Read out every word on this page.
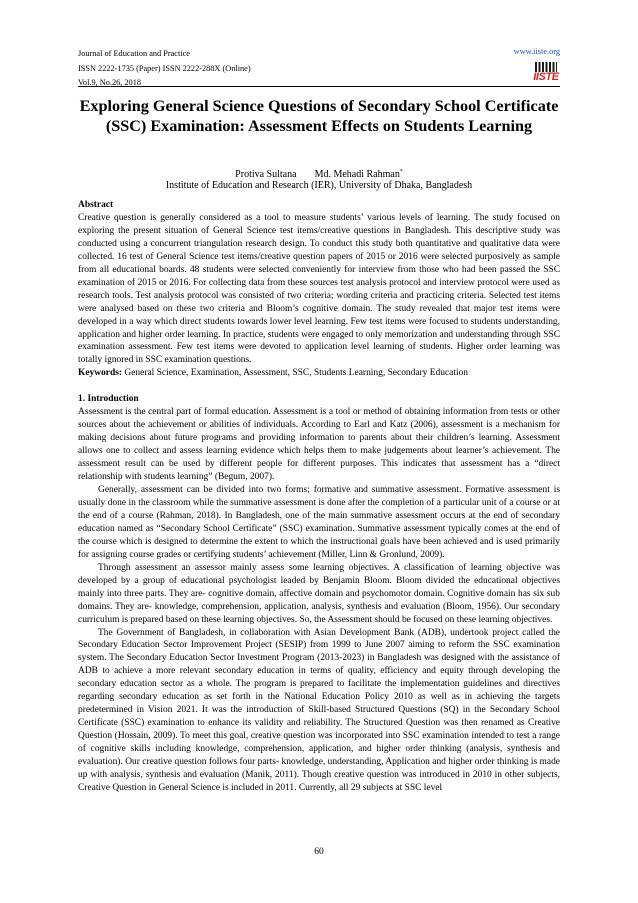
Journal of Education and Practice
ISSN 2222-1735 (Paper) ISSN 2222-288X (Online)
Vol.9, No.26, 2018
www.iiste.org
IISTE
Exploring General Science Questions of Secondary School Certificate (SSC) Examination: Assessment Effects on Students Learning
Protiva Sultana Md. Mehadi Rahman*
Institute of Education and Research (IER), University of Dhaka, Bangladesh

Abstract

Creative question is generally considered as a tool to measure students’ various levels of learning. The study focused on exploring the present situation of General Science test items/creative questions in Bangladesh. This descriptive study was conducted using a concurrent triangulation research design. To conduct this study both quantitative and qualitative data were collected. 16 test of General Science test items/creative question papers of 2015 or 2016 were selected purposively as sample from all educational boards. 48 students were selected conveniently for interview from those who had been passed the SSC examination of 2015 or 2016. For collecting data from these sources test analysis protocol and interview protocol were used as research tools. Test analysis protocol was consisted of two criteria; wording criteria and practicing criteria. Selected test items were analysed based on these two criteria and Bloom’s cognitive domain. The study revealed that major test items were developed in a way which direct students towards lower level learning. Few test items were focused to students understanding, application and higher order learning. In practice, students were engaged to only memorization and understanding through SSC examination assessment. Few test items were devoted to application level learning of students. Higher order learning was totally ignored in SSC examination questions.

Keywords: General Science, Examination, Assessment, SSC, Students Learning, Secondary Education

1. Introduction

Assessment is the central part of formal education. Assessment is a tool or method of obtaining information from tests or other sources about the achievement or abilities of individuals. According to Earl and Katz (2006), assessment is a mechanism for making decisions about future programs and providing information to parents about their children’s learning. Assessment allows one to collect and assess learning evidence which helps them to make judgements about learner’s achievement. The assessment result can be used by different people for different purposes. This indicates that assessment has a “direct relationship with students learning” (Begum, 2007).

Generally, assessment can be divided into two forms; formative and summative assessment. Formative assessment is usually done in the classroom while the summative assessment is done after the completion of a particular unit of a course or at the end of a course (Rahman, 2018). In Bangladesh, one of the main summative assessment occurs at the end of secondary education named as “Secondary School Certificate” (SSC) examination. Summative assessment typically comes at the end of the course which is designed to determine the extent to which the instructional goals have been achieved and is used primarily for assigning course grades or certifying students’ achievement (Miller, Linn & Gronlund, 2009).

Through assessment an assessor mainly assess some learning objectives. A classification of learning objective was developed by a group of educational psychologist leaded by Benjamin Bloom. Bloom divided the educational objectives mainly into three parts. They are- cognitive domain, affective domain and psychomotor domain. Cognitive domain has six sub domains. They are- knowledge, comprehension, application, analysis, synthesis and evaluation (Bloom, 1956). Our secondary curriculum is prepared based on these learning objectives. So, the Assessment should be focused on these learning objectives.

The Government of Bangladesh, in collaboration with Asian Development Bank (ADB), undertook project called the Secondary Education Sector Improvement Project (SESIP) from 1999 to June 2007 aiming to reform the SSC examination system. The Secondary Education Sector Investment Program (2013-2023) in Bangladesh was designed with the assistance of ADB to achieve a more relevant secondary education in terms of quality, efficiency and equity through developing the secondary education sector as a whole. The program is prepared to facilitate the implementation guidelines and directives regarding secondary education as set forth in the National Education Policy 2010 as well as in achieving the targets predetermined in Vision 2021. It was the introduction of Skill-based Structured Questions (SQ) in the Secondary School Certificate (SSC) examination to enhance its validity and reliability. The Structured Question was then renamed as Creative Question (Hossain, 2009). To meet this goal, creative question was incorporated into SSC examination intended to test a range of cognitive skills including knowledge, comprehension, application, and higher order thinking (analysis, synthesis and evaluation). Our creative question follows four parts- knowledge, understanding, Application and higher order thinking is made up with analysis, synthesis and evaluation (Manik, 2011). Though creative question was introduced in 2010 in other subjects, Creative Question in General Science is included in 2011. Currently, all 29 subjects at SSC level

60
